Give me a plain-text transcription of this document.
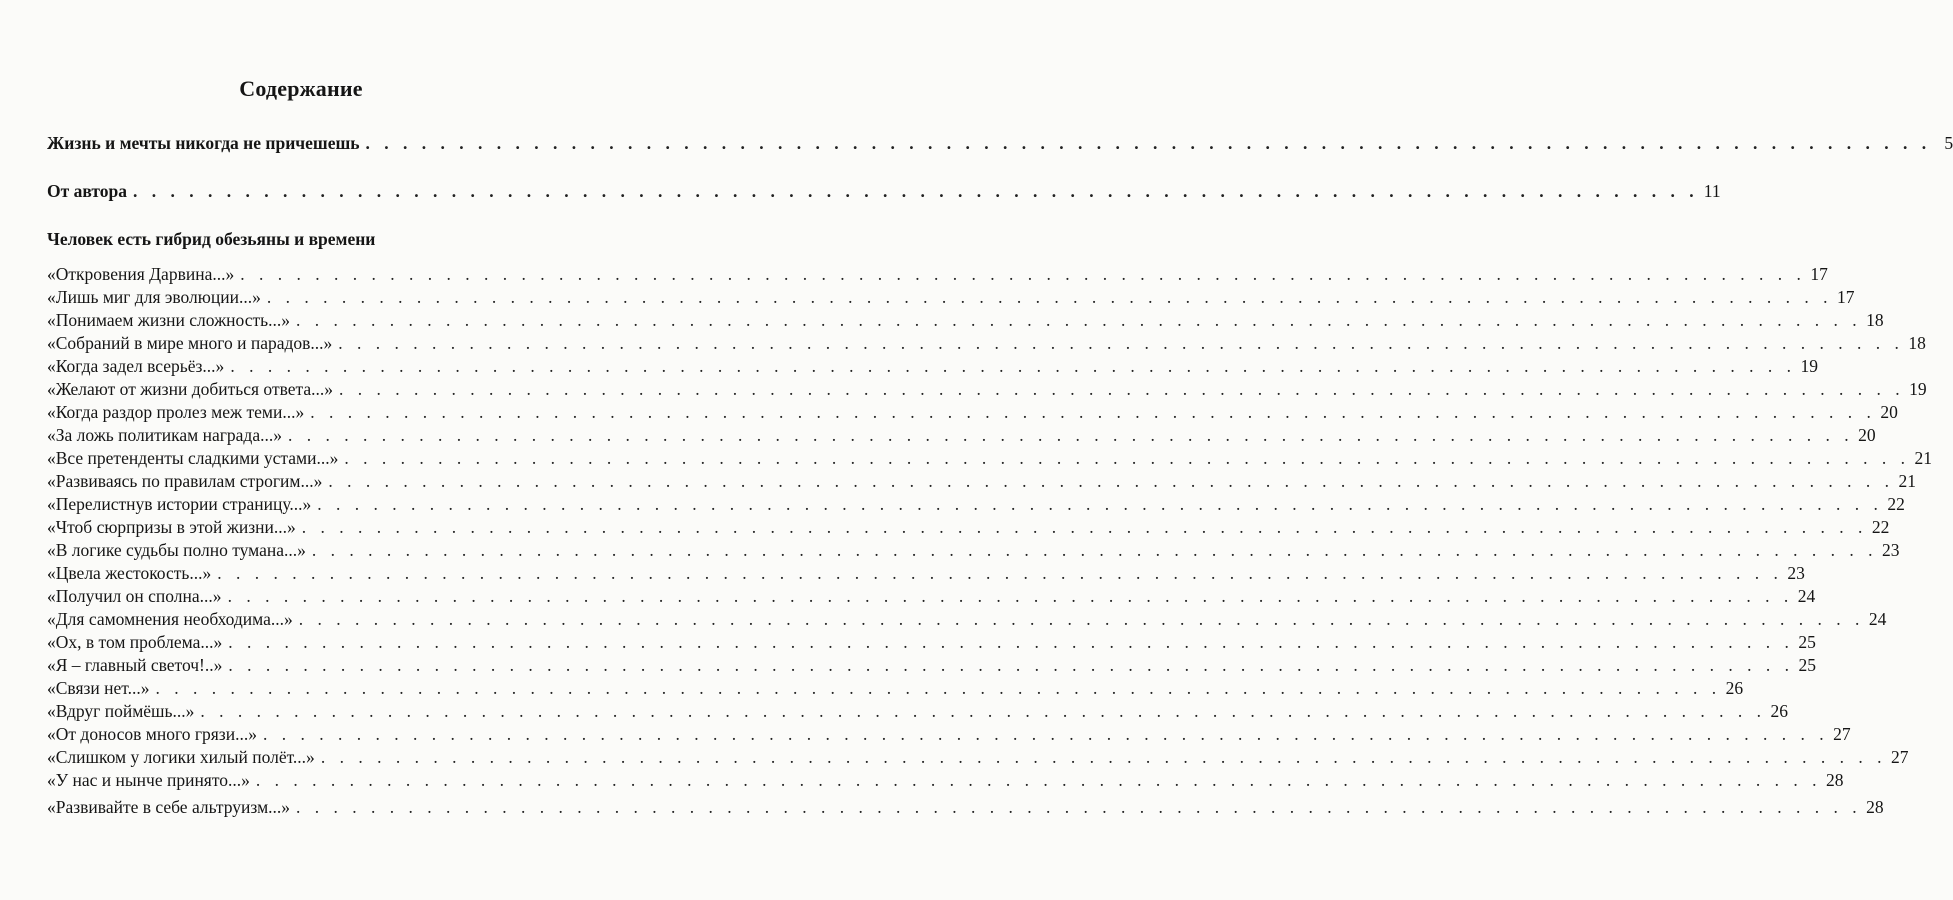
Содержание
Жизнь и мечты никогда не причешешь . . . . . . . . . . . . . . . . . . . . . . . . . . . . . . . . . . . . . . . . . . . . . . . . . . . . . . . . . . . . . . . . . . . . . . . . . . . . . . . . . . . . 5
От автора . . . . . . . . . . . . . . . . . . . . . . . . . . . . . . . . . . . . . . . . . . . . . . . . . . . . . . . . . . . . . . . . . . . . . . . . . . . . . . . . . . . . 11
Человек есть гибрид обезьяны и времени
«Откровения Дарвина...» . . . . . . . . . . . . . . . . . . . . . . . . . . . . . . . . . . . . . . . . . . . . . . . . . . . . . . . . . . . . . . . . . . . . . . . . . . . . . . . . . . . . 17
«Лишь миг для эволюции...» . . . . . . . . . . . . . . . . . . . . . . . . . . . . . . . . . . . . . . . . . . . . . . . . . . . . . . . . . . . . . . . . . . . . . . . . . . . . . . . . . . . . 17
«Понимаем жизни сложность...» . . . . . . . . . . . . . . . . . . . . . . . . . . . . . . . . . . . . . . . . . . . . . . . . . . . . . . . . . . . . . . . . . . . . . . . . . . . . . . . . . . . . 18
«Собраний в мире много и парадов...» . . . . . . . . . . . . . . . . . . . . . . . . . . . . . . . . . . . . . . . . . . . . . . . . . . . . . . . . . . . . . . . . . . . . . . . . . . . . . . . . . . . . 18
«Когда задел всерьёз...» . . . . . . . . . . . . . . . . . . . . . . . . . . . . . . . . . . . . . . . . . . . . . . . . . . . . . . . . . . . . . . . . . . . . . . . . . . . . . . . . . . . . 19
«Желают от жизни добиться ответа...» . . . . . . . . . . . . . . . . . . . . . . . . . . . . . . . . . . . . . . . . . . . . . . . . . . . . . . . . . . . . . . . . . . . . . . . . . . . . . . . . . . . . 19
«Когда раздор пролез меж теми...» . . . . . . . . . . . . . . . . . . . . . . . . . . . . . . . . . . . . . . . . . . . . . . . . . . . . . . . . . . . . . . . . . . . . . . . . . . . . . . . . . . . . 20
«За ложь политикам награда...» . . . . . . . . . . . . . . . . . . . . . . . . . . . . . . . . . . . . . . . . . . . . . . . . . . . . . . . . . . . . . . . . . . . . . . . . . . . . . . . . . . . . 20
«Все претенденты сладкими устами...» . . . . . . . . . . . . . . . . . . . . . . . . . . . . . . . . . . . . . . . . . . . . . . . . . . . . . . . . . . . . . . . . . . . . . . . . . . . . . . . . . . . . 21
«Развиваясь по правилам строгим...» . . . . . . . . . . . . . . . . . . . . . . . . . . . . . . . . . . . . . . . . . . . . . . . . . . . . . . . . . . . . . . . . . . . . . . . . . . . . . . . . . . . . 21
«Перелистнув истории страницу...» . . . . . . . . . . . . . . . . . . . . . . . . . . . . . . . . . . . . . . . . . . . . . . . . . . . . . . . . . . . . . . . . . . . . . . . . . . . . . . . . . . . . 22
«Чтоб сюрпризы в этой жизни...» . . . . . . . . . . . . . . . . . . . . . . . . . . . . . . . . . . . . . . . . . . . . . . . . . . . . . . . . . . . . . . . . . . . . . . . . . . . . . . . . . . . . 22
«В логике судьбы полно тумана...» . . . . . . . . . . . . . . . . . . . . . . . . . . . . . . . . . . . . . . . . . . . . . . . . . . . . . . . . . . . . . . . . . . . . . . . . . . . . . . . . . . . . 23
«Цвела жестокость...» . . . . . . . . . . . . . . . . . . . . . . . . . . . . . . . . . . . . . . . . . . . . . . . . . . . . . . . . . . . . . . . . . . . . . . . . . . . . . . . . . . . . 23
«Получил он сполна...» . . . . . . . . . . . . . . . . . . . . . . . . . . . . . . . . . . . . . . . . . . . . . . . . . . . . . . . . . . . . . . . . . . . . . . . . . . . . . . . . . . . . 24
«Для самомнения необходима...» . . . . . . . . . . . . . . . . . . . . . . . . . . . . . . . . . . . . . . . . . . . . . . . . . . . . . . . . . . . . . . . . . . . . . . . . . . . . . . . . . . . . 24
«Ох, в том проблема...» . . . . . . . . . . . . . . . . . . . . . . . . . . . . . . . . . . . . . . . . . . . . . . . . . . . . . . . . . . . . . . . . . . . . . . . . . . . . . . . . . . . . 25
«Я – главный светоч!..» . . . . . . . . . . . . . . . . . . . . . . . . . . . . . . . . . . . . . . . . . . . . . . . . . . . . . . . . . . . . . . . . . . . . . . . . . . . . . . . . . . . . 25
«Связи нет...» . . . . . . . . . . . . . . . . . . . . . . . . . . . . . . . . . . . . . . . . . . . . . . . . . . . . . . . . . . . . . . . . . . . . . . . . . . . . . . . . . . . . 26
«Вдруг поймёшь...» . . . . . . . . . . . . . . . . . . . . . . . . . . . . . . . . . . . . . . . . . . . . . . . . . . . . . . . . . . . . . . . . . . . . . . . . . . . . . . . . . . . . 26
«От доносов много грязи...» . . . . . . . . . . . . . . . . . . . . . . . . . . . . . . . . . . . . . . . . . . . . . . . . . . . . . . . . . . . . . . . . . . . . . . . . . . . . . . . . . . . . 27
«Слишком у логики хилый полёт...» . . . . . . . . . . . . . . . . . . . . . . . . . . . . . . . . . . . . . . . . . . . . . . . . . . . . . . . . . . . . . . . . . . . . . . . . . . . . . . . . . . . . 27
«У нас и нынче принято...» . . . . . . . . . . . . . . . . . . . . . . . . . . . . . . . . . . . . . . . . . . . . . . . . . . . . . . . . . . . . . . . . . . . . . . . . . . . . . . . . . . . . 28
«Развивайте в себе альтруизм...» . . . . . . . . . . . . . . . . . . . . . . . . . . . . . . . . . . . . . . . . . . . . . . . . . . . . . . . . . . . . . . . . . . . . . . . . . . . . . . . . . . . . 28
